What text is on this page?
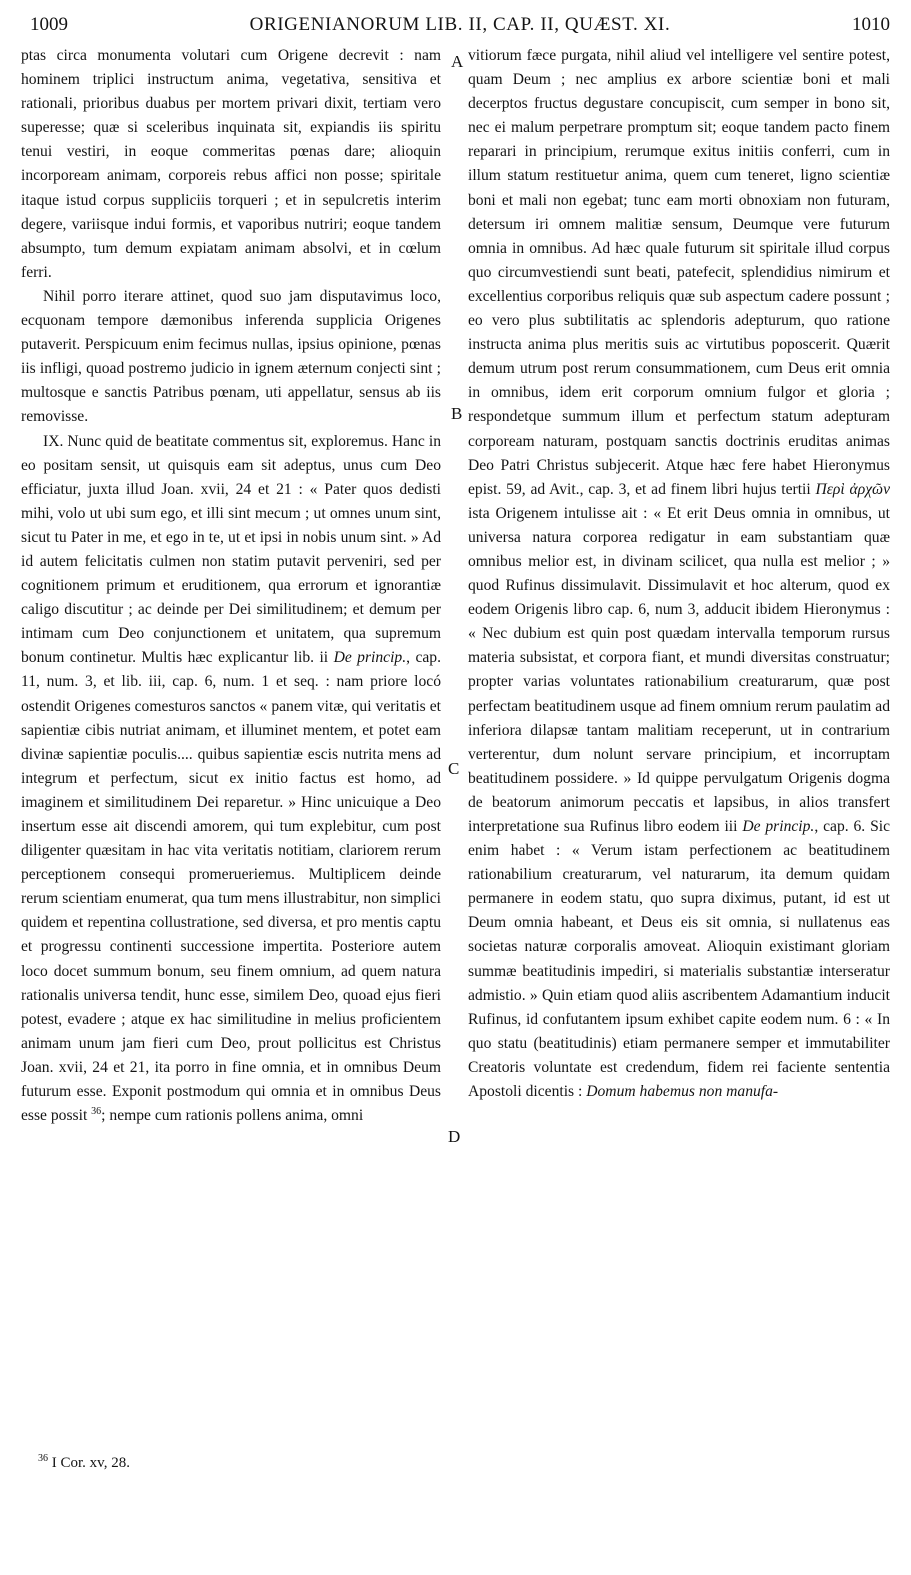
1009	ORIGENIANORUM LIB. II, CAP. II, QUÆST. XI.	1010

ptas circa monumenta volutari cum Origene decrevit : nam hominem triplici instructum anima, vegetativa, sensitiva et rationali, prioribus duabus per mortem privari dixit, tertiam vero superesse; quæ si sceleribus inquinata sit, expiandis iis spiritu tenui vestiri, in eoque commeritas pœnas dare; alioquin incorpoream animam, corporeis rebus affici non posse; spiritale itaque istud corpus suppliciis torqueri ; et in sepulcretis interim degere, variisque indui formis, et vaporibus nutriri; eoque tandem absumpto, tum demum expiatam animam absolvi, et in cœlum ferri.

Nihil porro iterare attinet, quod suo jam disputavimus loco, ecquonam tempore dæmonibus inferenda supplicia Origenes putaverit. Perspicuum enim fecimus nullas, ipsius opinione, pœnas iis infligi, quoad postremo judicio in ignem æternum conjecti sint ; multosque e sanctis Patribus pœnam, uti appellatur, sensus ab iis removisse.

IX. Nunc quid de beatitate commentus sit, exploremus. Hanc in eo positam sensit, ut quisquis eam sit adeptus, unus cum Deo efficiatur, juxta illud Joan. xvii, 24 et 21 : « Pater quos dedisti mihi, volo ut ubi sum ego, et illi sint mecum ; ut omnes unum sint, sicut tu Pater in me, et ego in te, ut et ipsi in nobis unum sint. » Ad id autem felicitatis culmen non statim putavit perveniri, sed per cognitionem primum et eruditionem, qua errorum et ignorantiæ caligo discutitur ; ac deinde per Dei similitudinem; et demum per intimam cum Deo conjunctionem et unitatem, qua supremum bonum continetur. Multis hæc explicantur lib. ii De princip., cap. 11, num. 3, et lib. iii, cap. 6, num. 1 et seq. : nam priore locó ostendit Origenes comesturos sanctos « panem vitæ, qui veritatis et sapientiæ cibis nutriat animam, et illuminet mentem, et potet eam divinæ sapientiæ poculis.... quibus sapientiæ escis nutrita mens ad integrum et perfectum, sicut ex initio factus est homo, ad imaginem et similitudinem Dei reparetur. » Hinc unicuique a Deo insertum esse ait discendi amorem, qui tum explebitur, cum post diligenter quæsitam in hac vita veritatis notitiam, clariorem rerum perceptionem consequi promerueriemus. Multiplicem deinde rerum scientiam enumerat, qua tum mens illustrabitur, non simplici quidem et repentina collustratione, sed diversa, et pro mentis captu et progressu continenti successione impertita. Posteriore autem loco docet summum bonum, seu finem omnium, ad quem natura rationalis universa tendit, hunc esse, similem Deo, quoad ejus fieri potest, evadere ; atque ex hac similitudine in melius proficientem animam unum jam fieri cum Deo, prout pollicitus est Christus Joan. xvii, 24 et 21, ita porro in fine omnia, et in omnibus Deum futurum esse. Exponit postmodum qui omnia et in omnibus Deus esse possit $^{36}$; nempe cum rationis pollens anima, omni

vitiorum fæce purgata, nihil aliud vel intelligere vel sentire potest, quam Deum ; nec amplius ex arbore scientiæ boni et mali decerptos fructus degustare concupiscit, cum semper in bono sit, nec ei malum perpetrare promptum sit; eoque tandem pacto finem reparari in principium, rerumque exitus initiis conferri, cum in illum statum restituetur anima, quem cum teneret, ligno scientiæ boni et mali non egebat; tunc eam morti obnoxiam non futuram, detersum iri omnem malitiæ sensum, Deumque vere futurum omnia in omnibus. Ad hæc quale futurum sit spiritale illud corpus quo circumvestiendi sunt beati, patefecit, splendidius nimirum et excellentius corporibus reliquis quæ sub aspectum cadere possunt ; eo vero plus subtilitatis ac splendoris adepturum, quo ratione instructa anima plus meritis suis ac virtutibus poposcerit. Quærit demum utrum post rerum consummationem, cum Deus erit omnia in omnibus, idem erit corporum omnium fulgor et gloria ; respondetque summum illum et perfectum statum adepturam corpoream naturam, postquam sanctis doctrinis eruditas animas Deo Patri Christus subjecerit. Atque hæc fere habet Hieronymus epist. 59, ad Avit., cap. 3, et ad finem libri hujus tertii Περὶ ἀρχῶν ista Origenem intulisse ait : « Et erit Deus omnia in omnibus, ut universa natura corporea redigatur in eam substantiam quæ omnibus melior est, in divinam scilicet, qua nulla est melior ; » quod Rufinus dissimulavit. Dissimulavit et hoc alterum, quod ex eodem Origenis libro cap. 6, num 3, adducit ibidem Hieronymus : « Nec dubium est quin post quædam intervalla temporum rursus materia subsistat, et corpora fiant, et mundi diversitas construatur; propter varias voluntates rationabilium creaturarum, quæ post perfectam beatitudinem usque ad finem omnium rerum paulatim ad inferiora dilapsæ tantam malitiam receperunt, ut in contrarium verterentur, dum nolunt servare principium, et incorruptam beatitudinem possidere. » Id quippe pervulgatum Origenis dogma de beatorum animorum peccatis et lapsibus, in alios transfert interpretatione sua Rufinus libro eodem iii De princip., cap. 6. Sic enim habet : « Verum istam perfectionem ac beatitudinem rationabilium creaturarum, vel naturarum, ita demum quidam permanere in eodem statu, quo supra diximus, putant, id est ut Deum omnia habeant, et Deus eis sit omnia, si nullatenus eas societas naturæ corporalis amoveat. Alioquin existimant gloriam summæ beatitudinis impediri, si materialis substantiæ interseratur admistio. » Quin etiam quod aliis ascribentem Adamantium inducit Rufinus, id confutantem ipsum exhibet capite eodem num. 6 : « In quo statu (beatitudinis) etiam permanere semper et immutabiliter Creatoris voluntate est credendum, fidem rei faciente sententia Apostoli dicentis : Domum habemus non manufa-

A
B
C
D
$^{36}$ I Cor. xv, 28.
